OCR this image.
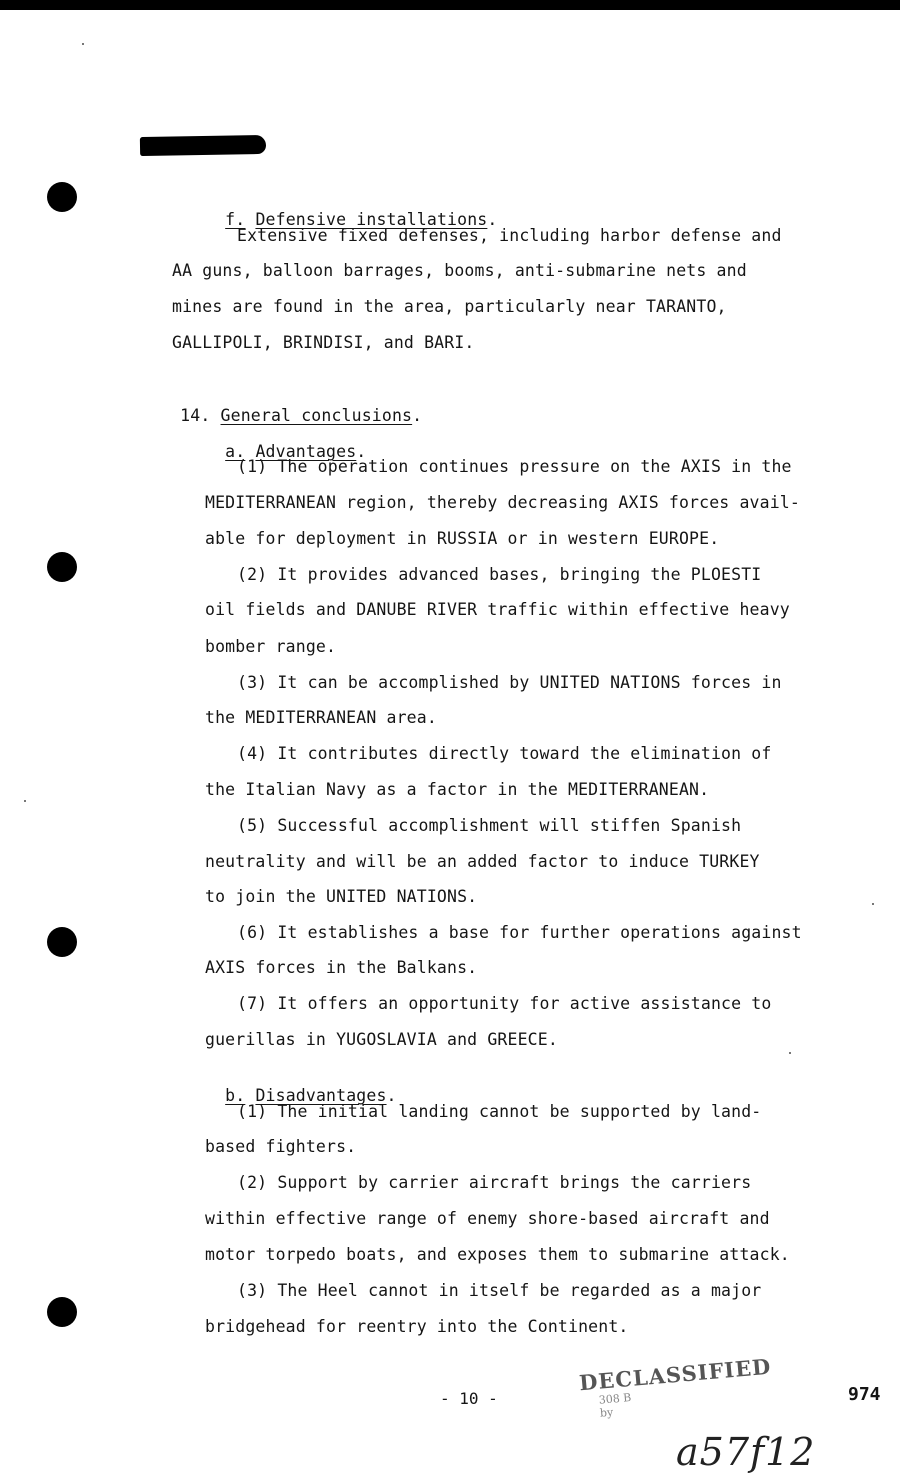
f. Defensive installations.

Extensive fixed defenses, including harbor defense and
AA guns, balloon barrages, booms, anti-submarine nets and
mines are found in the area, particularly near TARANTO,
GALLIPOLI, BRINDISI, and BARI.

14. General conclusions.

a. Advantages.

(1) The operation continues pressure on the AXIS in the
MEDITERRANEAN region, thereby decreasing AXIS forces avail-
able for deployment in RUSSIA or in western EUROPE.
(2) It provides advanced bases, bringing the PLOESTI
oil fields and DANUBE RIVER traffic within effective heavy
bomber range.
(3) It can be accomplished by UNITED NATIONS forces in
the MEDITERRANEAN area.
(4) It contributes directly toward the elimination of
the Italian Navy as a factor in the MEDITERRANEAN.
(5) Successful accomplishment will stiffen Spanish
neutrality and will be an added factor to induce TURKEY
to join the UNITED NATIONS.
(6) It establishes a base for further operations against
AXIS forces in the Balkans.
(7) It offers an opportunity for active assistance to
guerillas in YUGOSLAVIA and GREECE.

b. Disadvantages.

(1) The initial landing cannot be supported by land-
based fighters.
(2) Support by carrier aircraft brings the carriers
within effective range of enemy shore-based aircraft and
motor torpedo boats, and exposes them to submarine attack.
(3) The Heel cannot in itself be regarded as a major
bridgehead for reentry into the Continent.
- 10 -
DECLASSIFIED
308 B
by
974
a57f12
